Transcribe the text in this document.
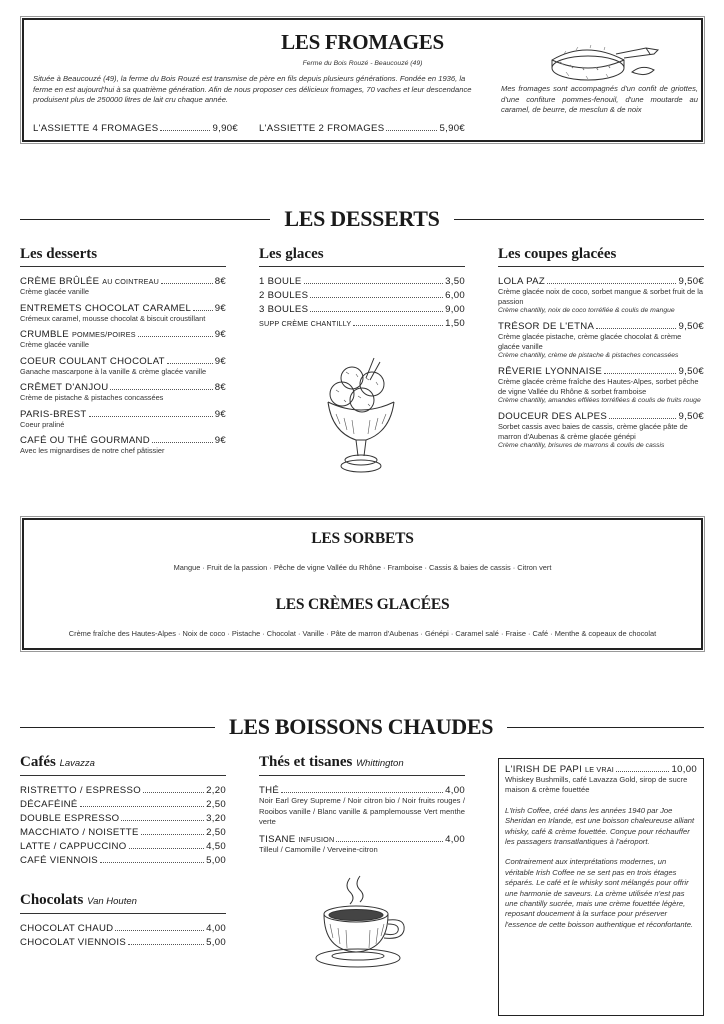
LES FROMAGES
Ferme du Bois Rouzé - Beaucouzé (49)
Située à Beaucouzé (49), la ferme du Bois Rouzé est transmise de père en fils depuis plusieurs générations. Fondée en 1936, la ferme en est aujourd'hui à sa quatrième génération. Afin de nous proposer ces délicieux fromages, 70 vaches et leur descendance produisent plus de 250000 litres de lait cru chaque année.
L'ASSIETTE 4 FROMAGES	9,90€ L'ASSIETTE 2 FROMAGES	5,90€
Mes fromages sont accompagnés d'un confit de griottes, d'une confiture pommes-fenouil, d'une moutarde au caramel, de beurre, de mesclun & de noix
LES DESSERTS
Les desserts
CRÈME BRÛLÉE AU COINTREAU	8€
Crème glacée vanille
ENTREMETS CHOCOLAT CARAMEL 9€
Crémeux caramel, mousse chocolat & biscuit croustillant
CRUMBLE POMMES/POIRES	9€
Crème glacée vanille
COEUR COULANT CHOCOLAT	9€
Ganache mascarpone à la vanille & crème glacée vanille
CRÊMET D'ANJOU	8€
Crème de pistache & pistaches concassées
PARIS-BREST	9€
Coeur praliné
CAFÉ OU THÉ GOURMAND	9€
Avec les mignardises de notre chef pâtissier
Les glaces
1 BOULE	3,50
2 BOULES	6,00
3 BOULES	9,00
SUPP CRÈME CHANTILLY	1,50
Les coupes glacées
LOLA PAZ	9,50€
Crème glacée noix de coco, sorbet mangue & sorbet fruit de la passion
Crème chantilly, noix de coco torréfiée & coulis de mangue
TRÉSOR DE L'ETNA	9,50€
Crème glacée pistache, crème glacée chocolat & crème glacée vanille
Crème chantilly, crème de pistache & pistaches concassées
RÊVERIE LYONNAISE	9,50€
Crème glacée crème fraîche des Hautes-Alpes, sorbet pêche de vigne Vallée du Rhône & sorbet framboise
Crème chantilly, amandes effilées torréfiées & coulis de fruits rouge
DOUCEUR DES ALPES	9,50€
Sorbet cassis avec baies de cassis, crème glacée pâte de marron d'Aubenas & crème glacée génépi
Crème chantilly, brisures de marrons & coulis de cassis
LES SORBETS
Mangue · Fruit de la passion · Pêche de vigne Vallée du Rhône · Framboise · Cassis & baies de cassis · Citron vert
LES CRÈMES GLACÉES
Crème fraîche des Hautes-Alpes · Noix de coco · Pistache · Chocolat · Vanille · Pâte de marron d'Aubenas · Génépi · Caramel salé · Fraise · Café · Menthe & copeaux de chocolat
LES BOISSONS CHAUDES
Cafés Lavazza
RISTRETTO / ESPRESSO	2,20
DÉCAFÉINÉ	2,50
DOUBLE ESPRESSO	3,20
MACCHIATO / NOISETTE	2,50
LATTE / CAPPUCCINO	4,50
CAFÉ VIENNOIS	5,00
Chocolats Van Houten
CHOCOLAT CHAUD	4,00
CHOCOLAT VIENNOIS	5,00
Thés et tisanes Whittington
THÉ	4,00
Noir Earl Grey Supreme / Noir citron bio / Noir fruits rouges / Rooibos vanille / Blanc vanille & pamplemousse Vert menthe verte
TISANE INFUSION	4,00
Tilleul / Camomille / Verveine-citron
L'IRISH DE PAPI LE VRAI	10,00
Whiskey Bushmills, café Lavazza Gold, sirop de sucre maison & crème fouettée
L'Irish Coffee, créé dans les années 1940 par Joe Sheridan en Irlande, est une boisson chaleureuse alliant whisky, café & crème fouettée. Conçue pour réchauffer les passagers transatlantiques à l'aéroport.
Contrairement aux interprétations modernes, un véritable Irish Coffee ne se sert pas en trois étages séparés. Le café et le whisky sont mélangés pour offrir une harmonie de saveurs. La crème utilisée n'est pas une chantilly sucrée, mais une crème fouettée légère, reposant doucement à la surface pour préserver l'essence de cette boisson authentique et réconfortante.
